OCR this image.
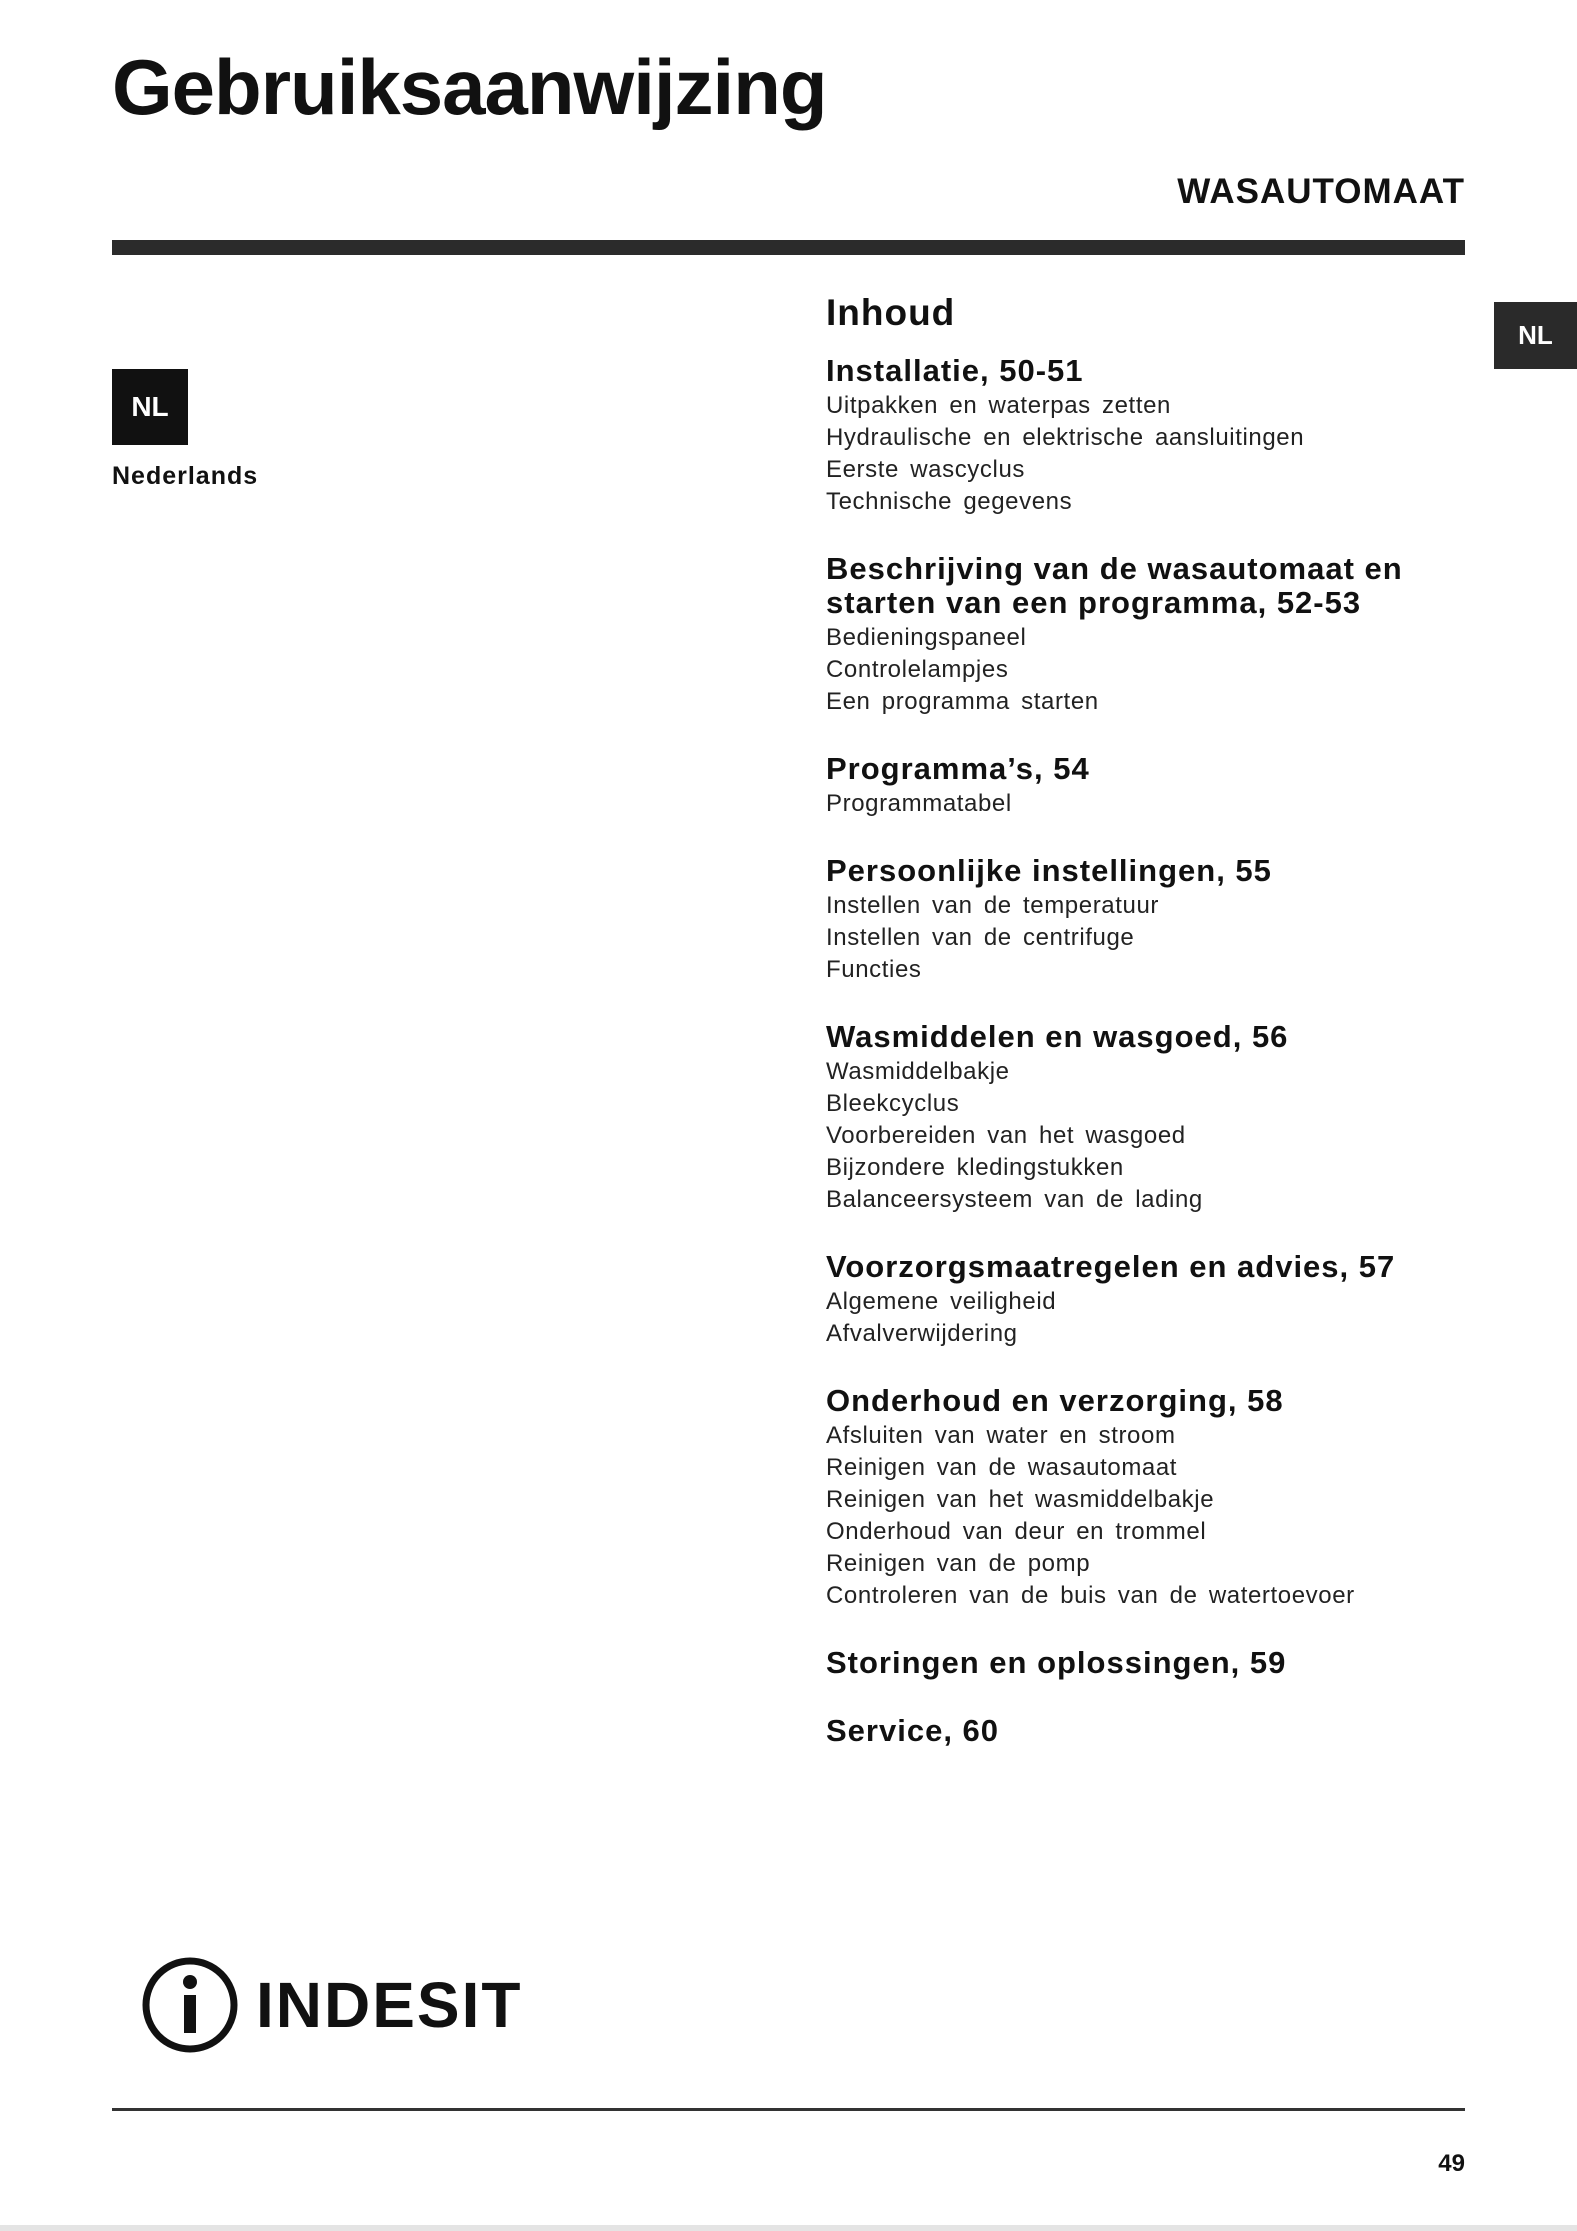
Gebruiksaanwijzing
WASAUTOMAAT
NL
NL
Nederlands
Inhoud
Installatie, 50-51
Uitpakken en waterpas zetten
Hydraulische en elektrische aansluitingen
Eerste wascyclus
Technische gegevens
Beschrijving van de wasautomaat en
starten van een programma, 52-53
Bedieningspaneel
Controlelampjes
Een programma starten
Programma’s, 54
Programmatabel
Persoonlijke instellingen, 55
Instellen van de temperatuur
Instellen van de centrifuge
Functies
Wasmiddelen en wasgoed, 56
Wasmiddelbakje
Bleekcyclus
Voorbereiden van het wasgoed
Bijzondere kledingstukken
Balanceersysteem van de lading
Voorzorgsmaatregelen en advies, 57
Algemene veiligheid
Afvalverwijdering
Onderhoud en verzorging, 58
Afsluiten van water en stroom
Reinigen van de wasautomaat
Reinigen van het wasmiddelbakje
Onderhoud van deur en trommel
Reinigen van de pomp
Controleren van de buis van de watertoevoer
Storingen en oplossingen, 59
Service, 60
INDESIT
49
